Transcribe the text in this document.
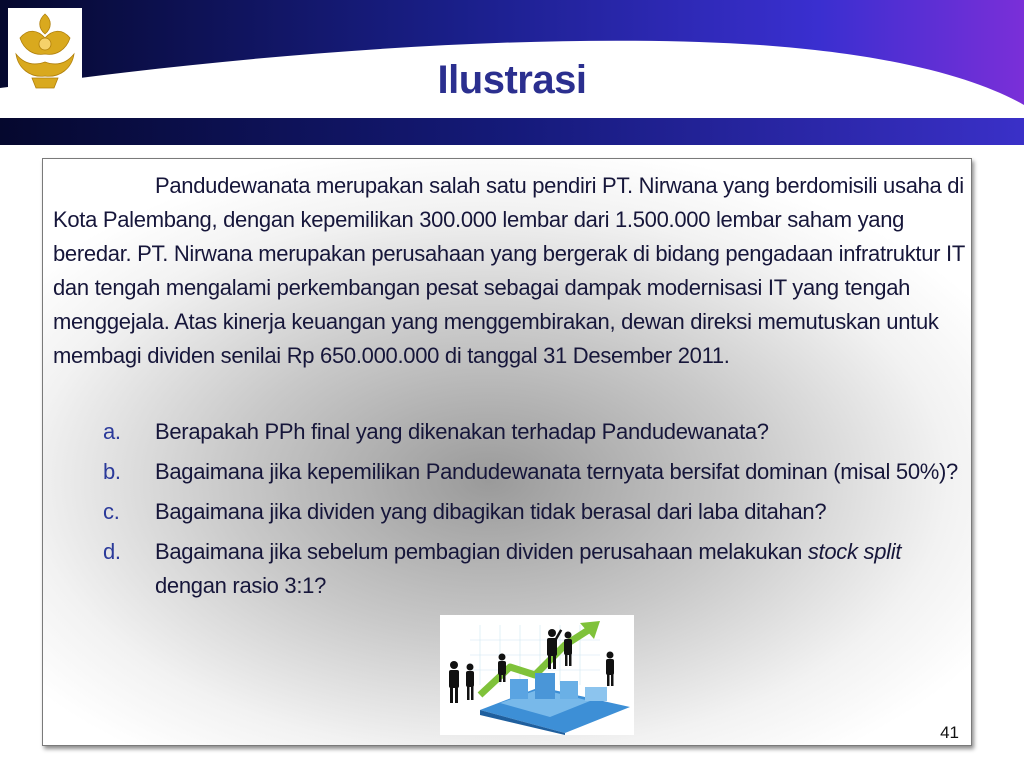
Ilustrasi
Pandudewanata merupakan salah satu pendiri PT. Nirwana yang berdomisili usaha di Kota Palembang, dengan kepemilikan 300.000 lembar dari 1.500.000 lembar saham yang beredar. PT. Nirwana merupakan perusahaan yang bergerak di bidang pengadaan infratruktur IT dan tengah mengalami perkembangan pesat sebagai dampak modernisasi IT yang tengah menggejala. Atas kinerja keuangan yang menggembirakan, dewan direksi memutuskan untuk membagi dividen senilai Rp 650.000.000 di tanggal 31 Desember 2011.
a. Berapakah PPh final yang dikenakan terhadap Pandudewanata?
b. Bagaimana jika kepemilikan Pandudewanata ternyata bersifat dominan (misal 50%)?
c. Bagaimana jika dividen yang dibagikan tidak berasal dari laba ditahan?
d. Bagaimana jika sebelum pembagian dividen perusahaan melakukan stock split dengan rasio 3:1?
41
